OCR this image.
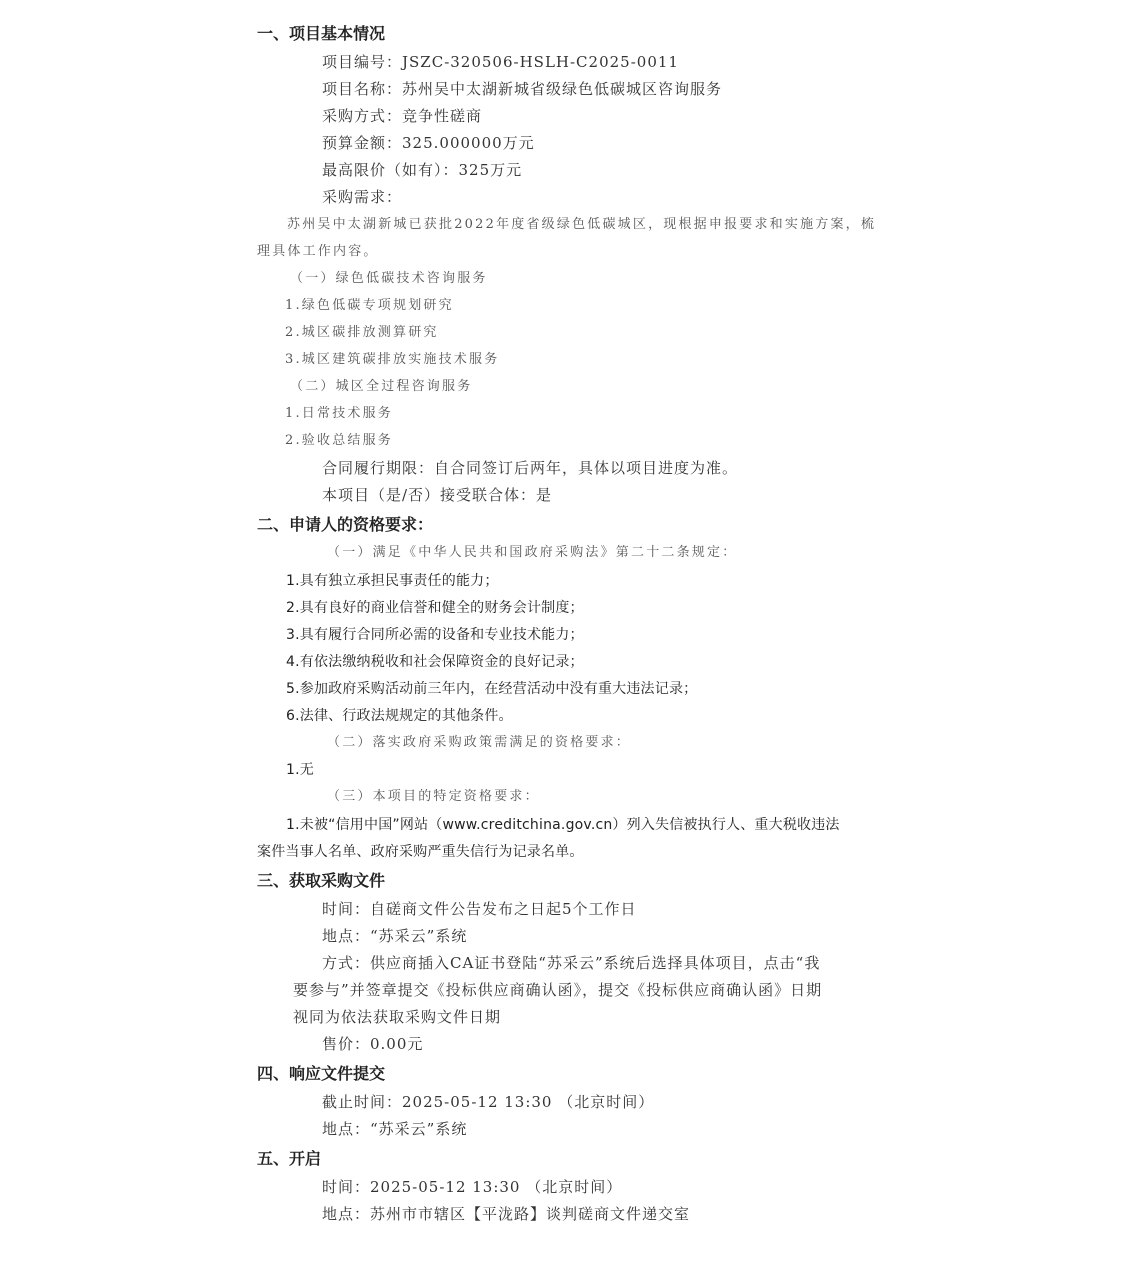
一、项目基本情况
项目编号：JSZC-320506-HSLH-C2025-0011
项目名称：苏州吴中太湖新城省级绿色低碳城区咨询服务
采购方式：竞争性磋商
预算金额：325.000000万元
最高限价（如有）：325万元
采购需求：
苏州吴中太湖新城已获批2022年度省级绿色低碳城区，现根据申报要求和实施方案，梳
理具体工作内容。
（一）绿色低碳技术咨询服务
1.绿色低碳专项规划研究
2.城区碳排放测算研究
3.城区建筑碳排放实施技术服务
（二）城区全过程咨询服务
1.日常技术服务
2.验收总结服务
合同履行期限：自合同签订后两年，具体以项目进度为准。
本项目（是/否）接受联合体：是
二、申请人的资格要求：
（一）满足《中华人民共和国政府采购法》第二十二条规定：
1.具有独立承担民事责任的能力；
2.具有良好的商业信誉和健全的财务会计制度；
3.具有履行合同所必需的设备和专业技术能力；
4.有依法缴纳税收和社会保障资金的良好记录；
5.参加政府采购活动前三年内，在经营活动中没有重大违法记录；
6.法律、行政法规规定的其他条件。
（二）落实政府采购政策需满足的资格要求：
1.无
（三）本项目的特定资格要求：
1.未被“信用中国”网站（www.creditchina.gov.cn）列入失信被执行人、重大税收违法
案件当事人名单、政府采购严重失信行为记录名单。
三、获取采购文件
时间：自磋商文件公告发布之日起5个工作日
地点：“苏采云”系统
方式：供应商插入CA证书登陆“苏采云”系统后选择具体项目，点击“我
要参与”并签章提交《投标供应商确认函》，提交《投标供应商确认函》日期
视同为依法获取采购文件日期
售价：0.00元
四、响应文件提交
截止时间：2025-05-12 13:30 （北京时间）
地点：“苏采云”系统
五、开启
时间：2025-05-12 13:30 （北京时间）
地点：苏州市市辖区【平泷路】谈判磋商文件递交室
